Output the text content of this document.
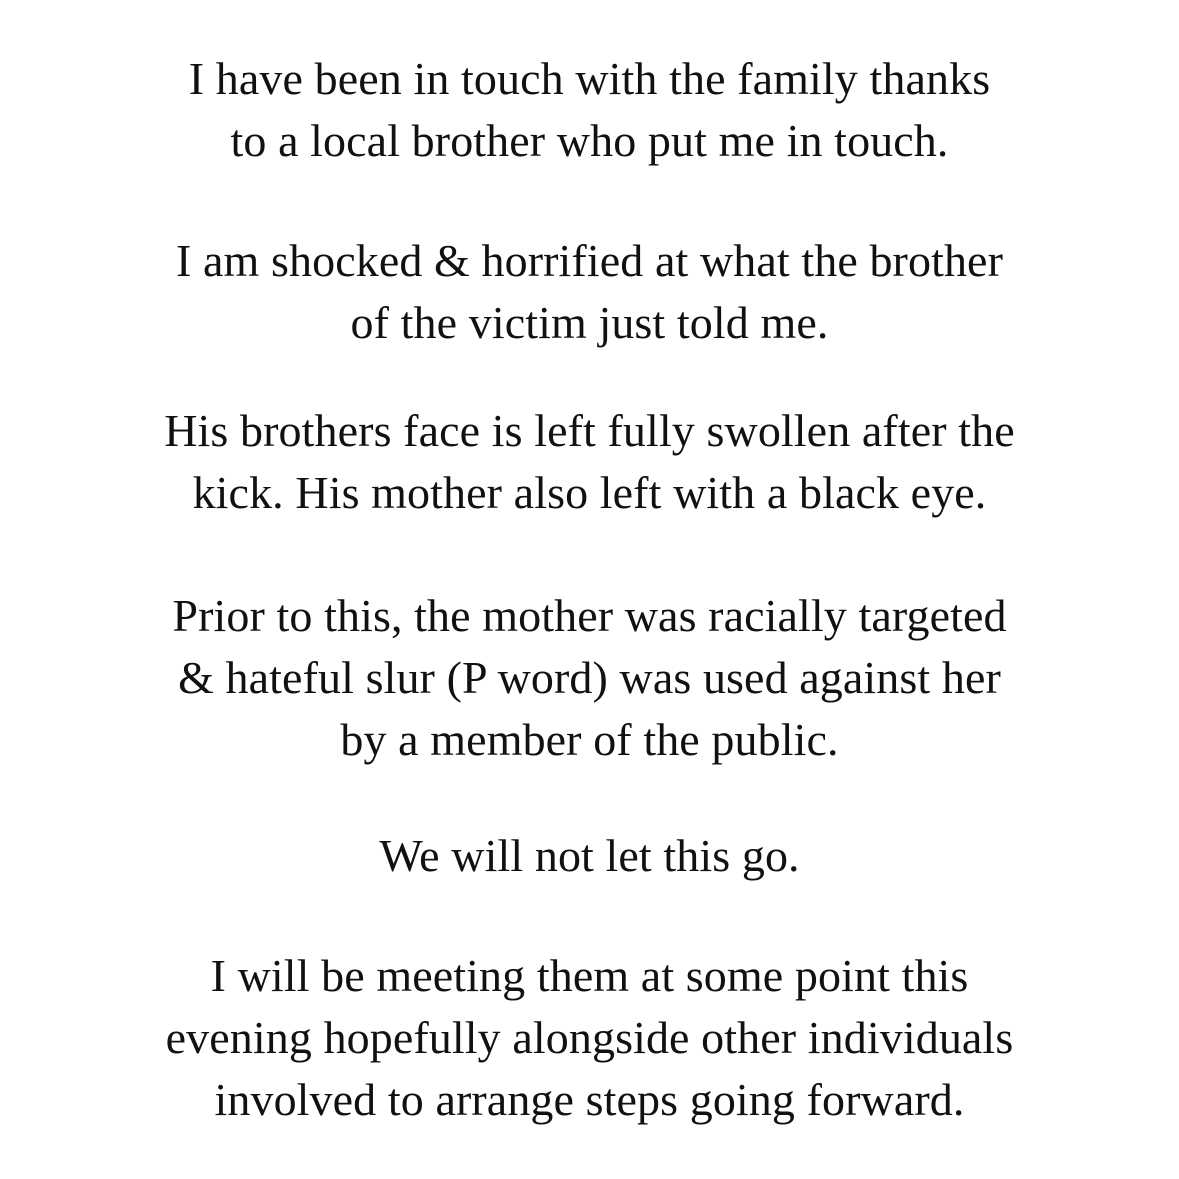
I have been in touch with the family thanks
to a local brother who put me in touch.

I am shocked & horrified at what the brother
of the victim just told me.

His brothers face is left fully swollen after the
kick. His mother also left with a black eye.

Prior to this, the mother was racially targeted
& hateful slur (P word) was used against her
by a member of the public.

We will not let this go.

I will be meeting them at some point this
evening hopefully alongside other individuals
involved to arrange steps going forward.
